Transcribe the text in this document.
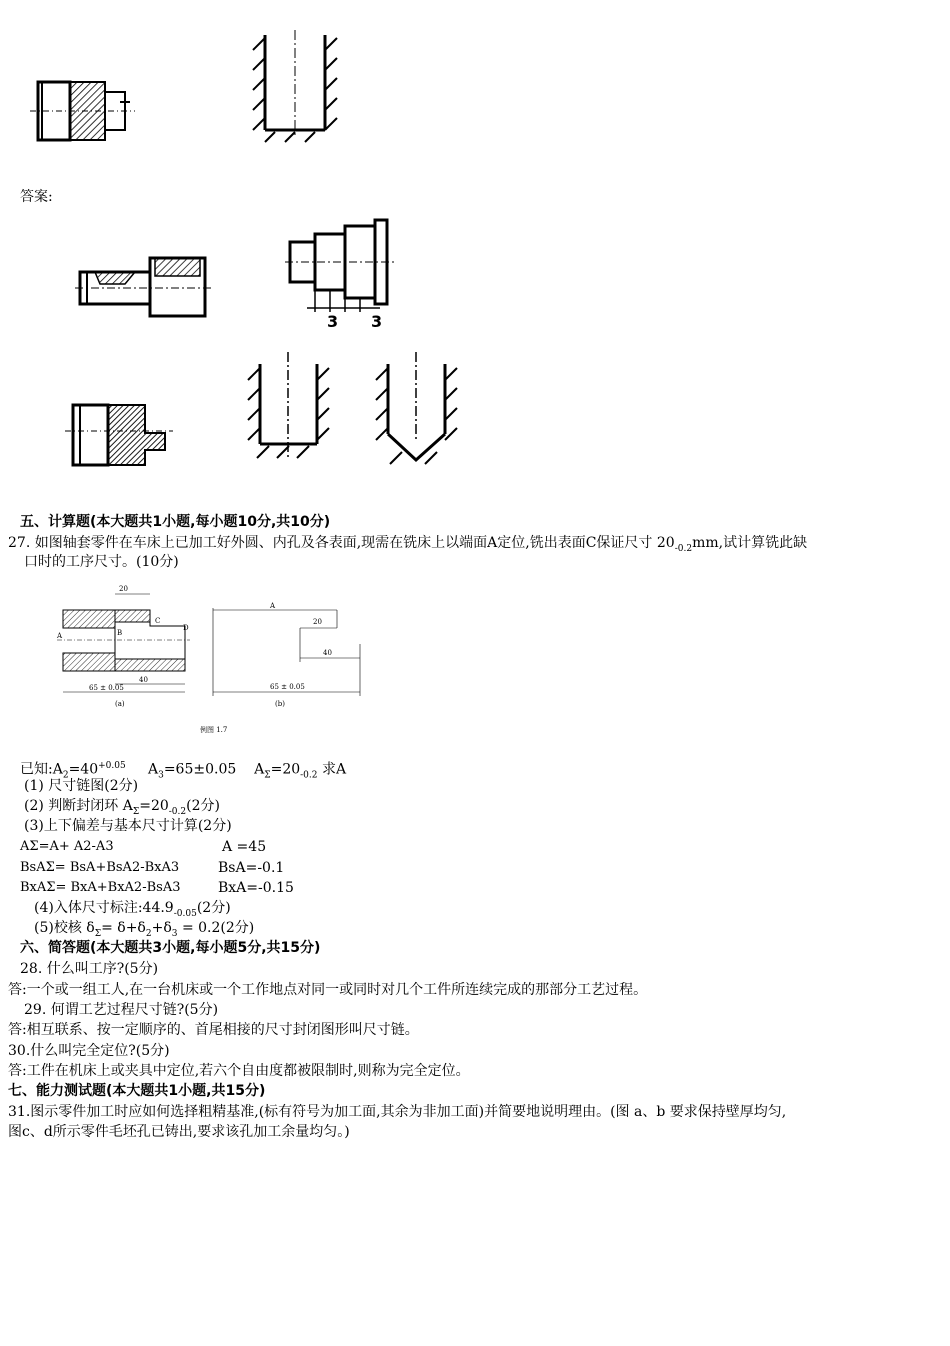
答案:
3 3
五、计算题(本大题共1小题,每小题10分,共10分)
27. 如图轴套零件在车床上已加工好外圆、内孔及各表面,现需在铣床上以端面A定位,铣出表面C保证尺寸 $20_{-0.2}mm$,试计算铣此缺
口时的工序尺寸。(10分)
A	B
C
D
20
40
65 ± 0.05
(a)
A
20
40
65 ± 0.05
(b)
例图 1.7
已知$:A_2=40^{+0.05}$ $A_3=65\pm 0.05$ $A_\Sigma=20_{-0.2}$ 求A
(1) 尺寸链图(2分)
(2) 判断封闭环 $A_\Sigma=20_{-0.2}(2$分)
(3)上下偏差与基本尺寸计算(2分)
AΣ=A+ A2-A3	A =45
BsAΣ= BsA+BsA2-BxA3	BsA=-0.1
BxAΣ= BxA+BxA2-BsA3	BxA=-0.15
(4)入体尺寸标注$:44.9_{-0.05}(2$分)
(5)校核 $\delta_\Sigma= \delta+\delta_2+\delta_3 = 0.2(2$分)
六、简答题(本大题共3小题,每小题5分,共15分)
28. 什么叫工序?(5分)
答:一个或一组工人,在一台机床或一个工作地点对同一或同时对几个工件所连续完成的那部分工艺过程。
29. 何谓工艺过程尺寸链?(5分)
答:相互联系、按一定顺序的、首尾相接的尺寸封闭图形叫尺寸链。
30.什么叫完全定位?(5分)
答:工件在机床上或夹具中定位,若六个自由度都被限制时,则称为完全定位。
七、能力测试题(本大题共1小题,共15分)
31.图示零件加工时应如何选择粗精基准,(标有符号为加工面,其余为非加工面)并简要地说明理由。(图 a、b 要求保持壁厚均匀,
图c、d所示零件毛坯孔已铸出,要求该孔加工余量均匀。)
